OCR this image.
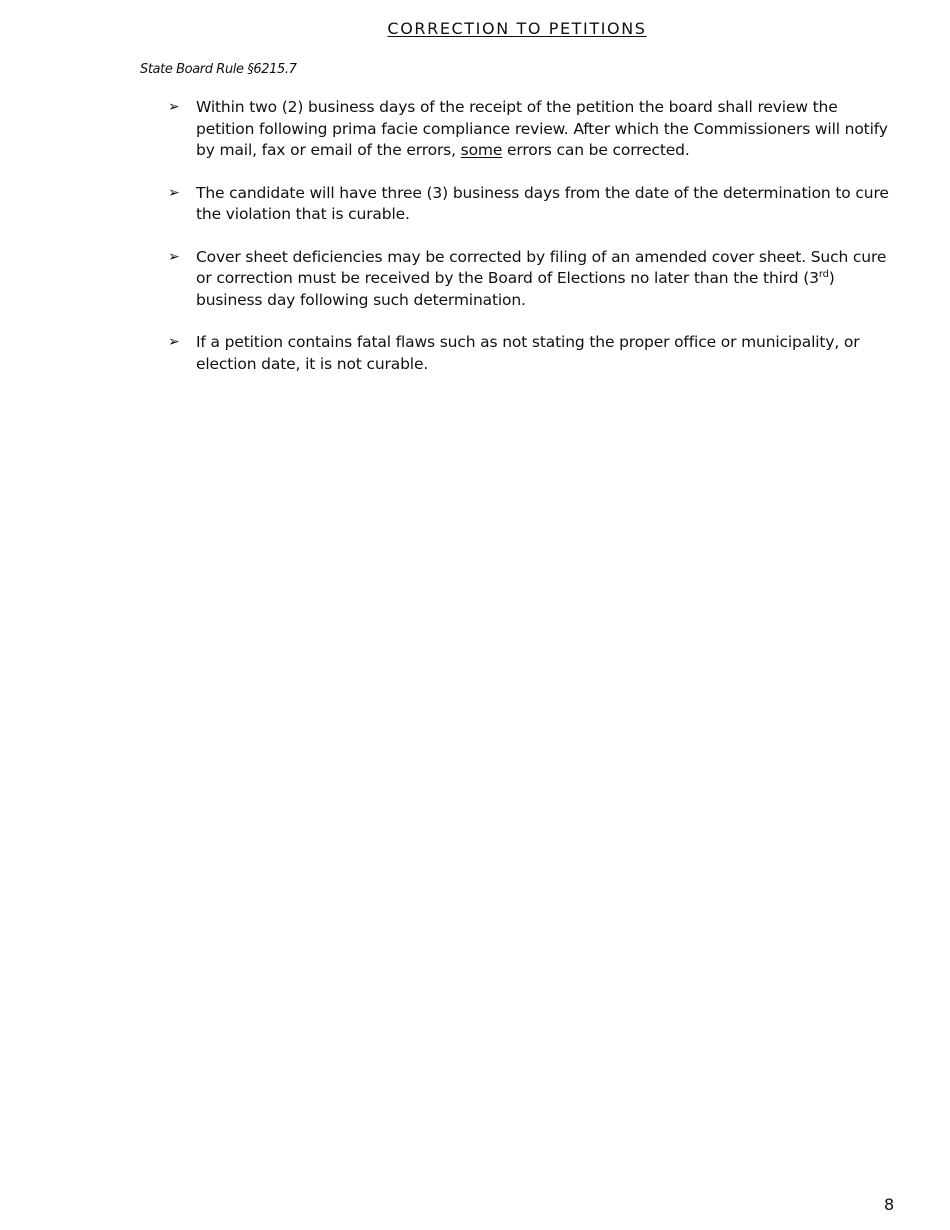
CORRECTION TO PETITIONS

State Board Rule §6215.7

➢ Within two (2) business days of the receipt of the petition the board shall review the petition following prima facie compliance review. After which the Commissioners will notify by mail, fax or email of the errors, some errors can be corrected.
➢ The candidate will have three (3) business days from the date of the determination to cure the violation that is curable.
➢ Cover sheet deficiencies may be corrected by filing of an amended cover sheet. Such cure or correction must be received by the Board of Elections no later than the third (3rd) business day following such determination.
➢ If a petition contains fatal flaws such as not stating the proper office or municipality, or election date, it is not curable.

8
